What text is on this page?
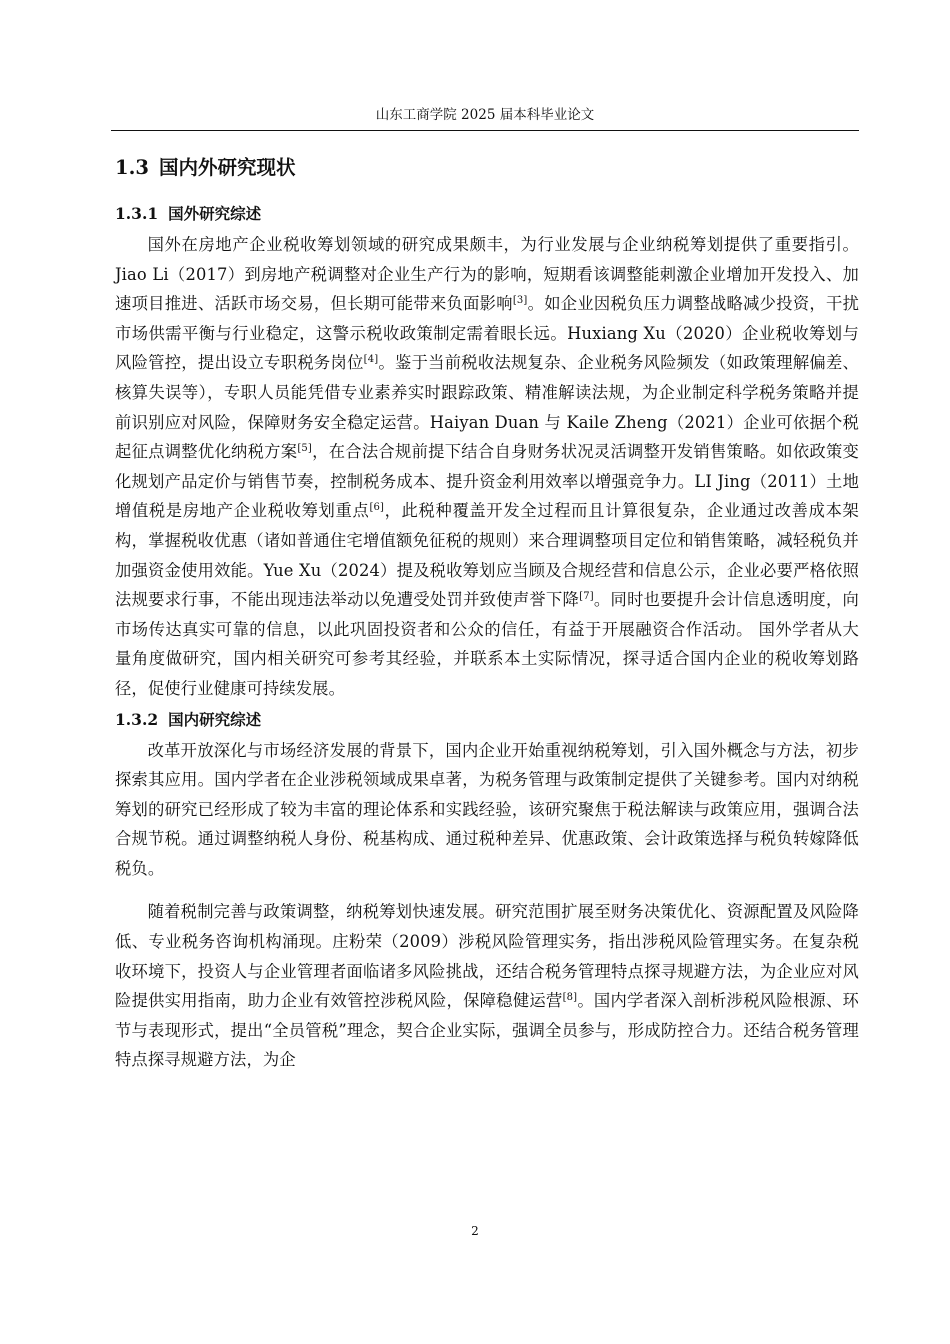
山东工商学院 2025 届本科毕业论文
1.3 国内外研究现状
1.3.1 国外研究综述

国外在房地产企业税收筹划领域的研究成果颇丰，为行业发展与企业纳税筹划提供了重要指引。Jiao Li（2017）到房地产税调整对企业生产行为的影响，短期看该调整能刺激企业增加开发投入、加速项目推进、活跃市场交易，但长期可能带来负面影响[3]。如企业因税负压力调整战略减少投资，干扰市场供需平衡与行业稳定，这警示税收政策制定需着眼长远。Huxiang Xu（2020）企业税收筹划与风险管控，提出设立专职税务岗位[4]。鉴于当前税收法规复杂、企业税务风险频发（如政策理解偏差、核算失误等），专职人员能凭借专业素养实时跟踪政策、精准解读法规，为企业制定科学税务策略并提前识别应对风险，保障财务安全稳定运营。Haiyan Duan 与 Kaile Zheng（2021）企业可依据个税起征点调整优化纳税方案[5]，在合法合规前提下结合自身财务状况灵活调整开发销售策略。如依政策变化规划产品定价与销售节奏，控制税务成本、提升资金利用效率以增强竞争力。LI Jing（2011）土地增值税是房地产企业税收筹划重点[6]，此税种覆盖开发全过程而且计算很复杂，企业通过改善成本架构，掌握税收优惠（诸如普通住宅增值额免征税的规则）来合理调整项目定位和销售策略，减轻税负并加强资金使用效能。Yue Xu（2024）提及税收筹划应当顾及合规经营和信息公示，企业必要严格依照法规要求行事，不能出现违法举动以免遭受处罚并致使声誉下降[7]。同时也要提升会计信息透明度，向市场传达真实可靠的信息，以此巩固投资者和公众的信任，有益于开展融资合作活动。 国外学者从大量角度做研究，国内相关研究可参考其经验，并联系本土实际情况，探寻适合国内企业的税收筹划路径，促使行业健康可持续发展。

1.3.2 国内研究综述

改革开放深化与市场经济发展的背景下，国内企业开始重视纳税筹划，引入国外概念与方法，初步探索其应用。国内学者在企业涉税领域成果卓著，为税务管理与政策制定提供了关键参考。国内对纳税筹划的研究已经形成了较为丰富的理论体系和实践经验，该研究聚焦于税法解读与政策应用，强调合法合规节税。通过调整纳税人身份、税基构成、通过税种差异、优惠政策、会计政策选择与税负转嫁降低税负。

随着税制完善与政策调整，纳税筹划快速发展。研究范围扩展至财务决策优化、资源配置及风险降低、专业税务咨询机构涌现。庄粉荣（2009）涉税风险管理实务，指出涉税风险管理实务。在复杂税收环境下，投资人与企业管理者面临诸多风险挑战，还结合税务管理特点探寻规避方法，为企业应对风险提供实用指南，助力企业有效管控涉税风险，保障稳健运营[8]。国内学者深入剖析涉税风险根源、环节与表现形式，提出“全员管税”理念，契合企业实际，强调全员参与，形成防控合力。还结合税务管理特点探寻规避方法，为企

2
